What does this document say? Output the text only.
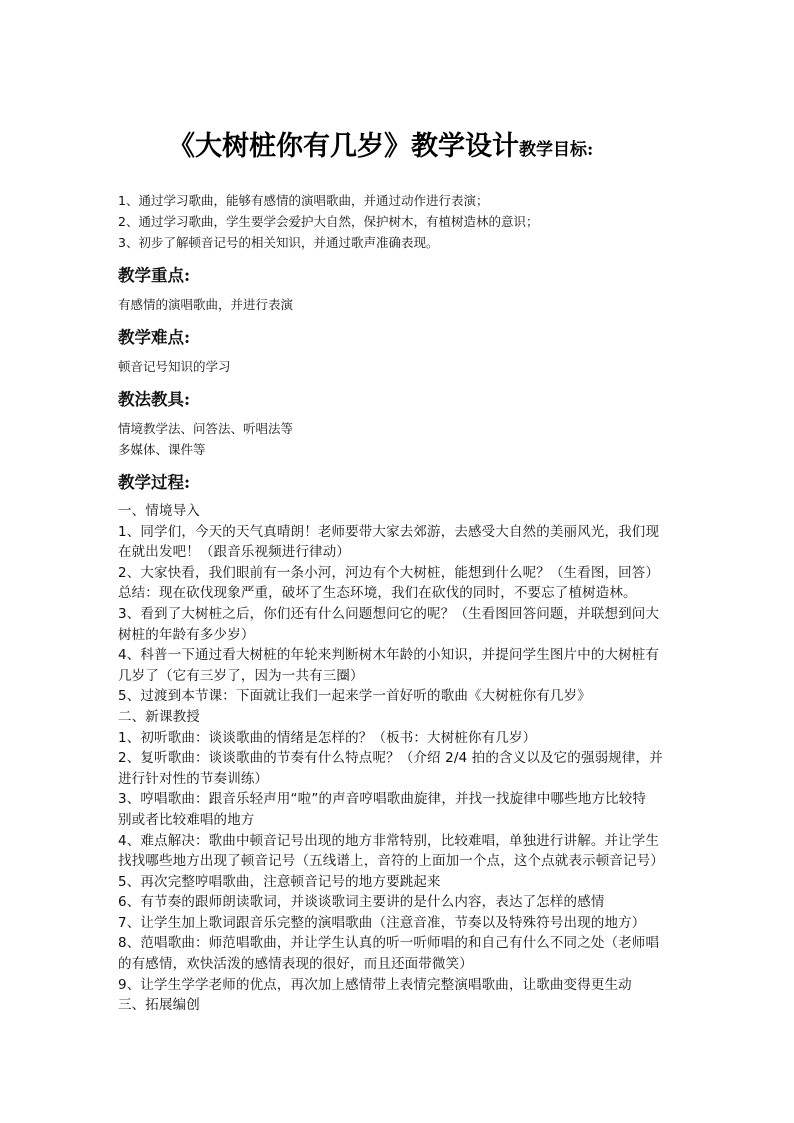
《大树桩你有几岁》教学设计教学目标:
1、通过学习歌曲，能够有感情的演唱歌曲，并通过动作进行表演；
2、通过学习歌曲，学生要学会爱护大自然，保护树木，有植树造林的意识；
3、初步了解顿音记号的相关知识，并通过歌声准确表现。
教学重点:
有感情的演唱歌曲，并进行表演
教学难点:
顿音记号知识的学习
教法教具:
情境教学法、问答法、听唱法等
多媒体、课件等
教学过程:
一、情境导入
1、同学们，今天的天气真晴朗！老师要带大家去郊游，去感受大自然的美丽风光，我们现
在就出发吧！（跟音乐视频进行律动）
2、大家快看，我们眼前有一条小河，河边有个大树桩，能想到什么呢？（生看图，回答）
总结：现在砍伐现象严重，破坏了生态环境，我们在砍伐的同时，不要忘了植树造林。
3、看到了大树桩之后，你们还有什么问题想问它的呢？（生看图回答问题，并联想到问大
树桩的年龄有多少岁）
4、科普一下通过看大树桩的年轮来判断树木年龄的小知识，并提问学生图片中的大树桩有
几岁了（它有三岁了，因为一共有三圈）
5、过渡到本节课：下面就让我们一起来学一首好听的歌曲《大树桩你有几岁》
二、新课教授
1、初听歌曲：谈谈歌曲的情绪是怎样的？（板书：大树桩你有几岁）
2、复听歌曲：谈谈歌曲的节奏有什么特点呢？（介绍 2/4 拍的含义以及它的强弱规律，并
进行针对性的节奏训练）
3、哼唱歌曲：跟音乐轻声用“啦”的声音哼唱歌曲旋律，并找一找旋律中哪些地方比较特
别或者比较难唱的地方
4、难点解决：歌曲中顿音记号出现的地方非常特别，比较难唱，单独进行讲解。并让学生
找找哪些地方出现了顿音记号（五线谱上，音符的上面加一个点，这个点就表示顿音记号）
5、再次完整哼唱歌曲，注意顿音记号的地方要跳起来
6、有节奏的跟师朗读歌词，并谈谈歌词主要讲的是什么内容，表达了怎样的感情
7、让学生加上歌词跟音乐完整的演唱歌曲（注意音准，节奏以及特殊符号出现的地方）
8、范唱歌曲：师范唱歌曲，并让学生认真的听一听师唱的和自己有什么不同之处（老师唱
的有感情，欢快活泼的感情表现的很好，而且还面带微笑）
9、让学生学学老师的优点，再次加上感情带上表情完整演唱歌曲，让歌曲变得更生动
三、拓展编创
